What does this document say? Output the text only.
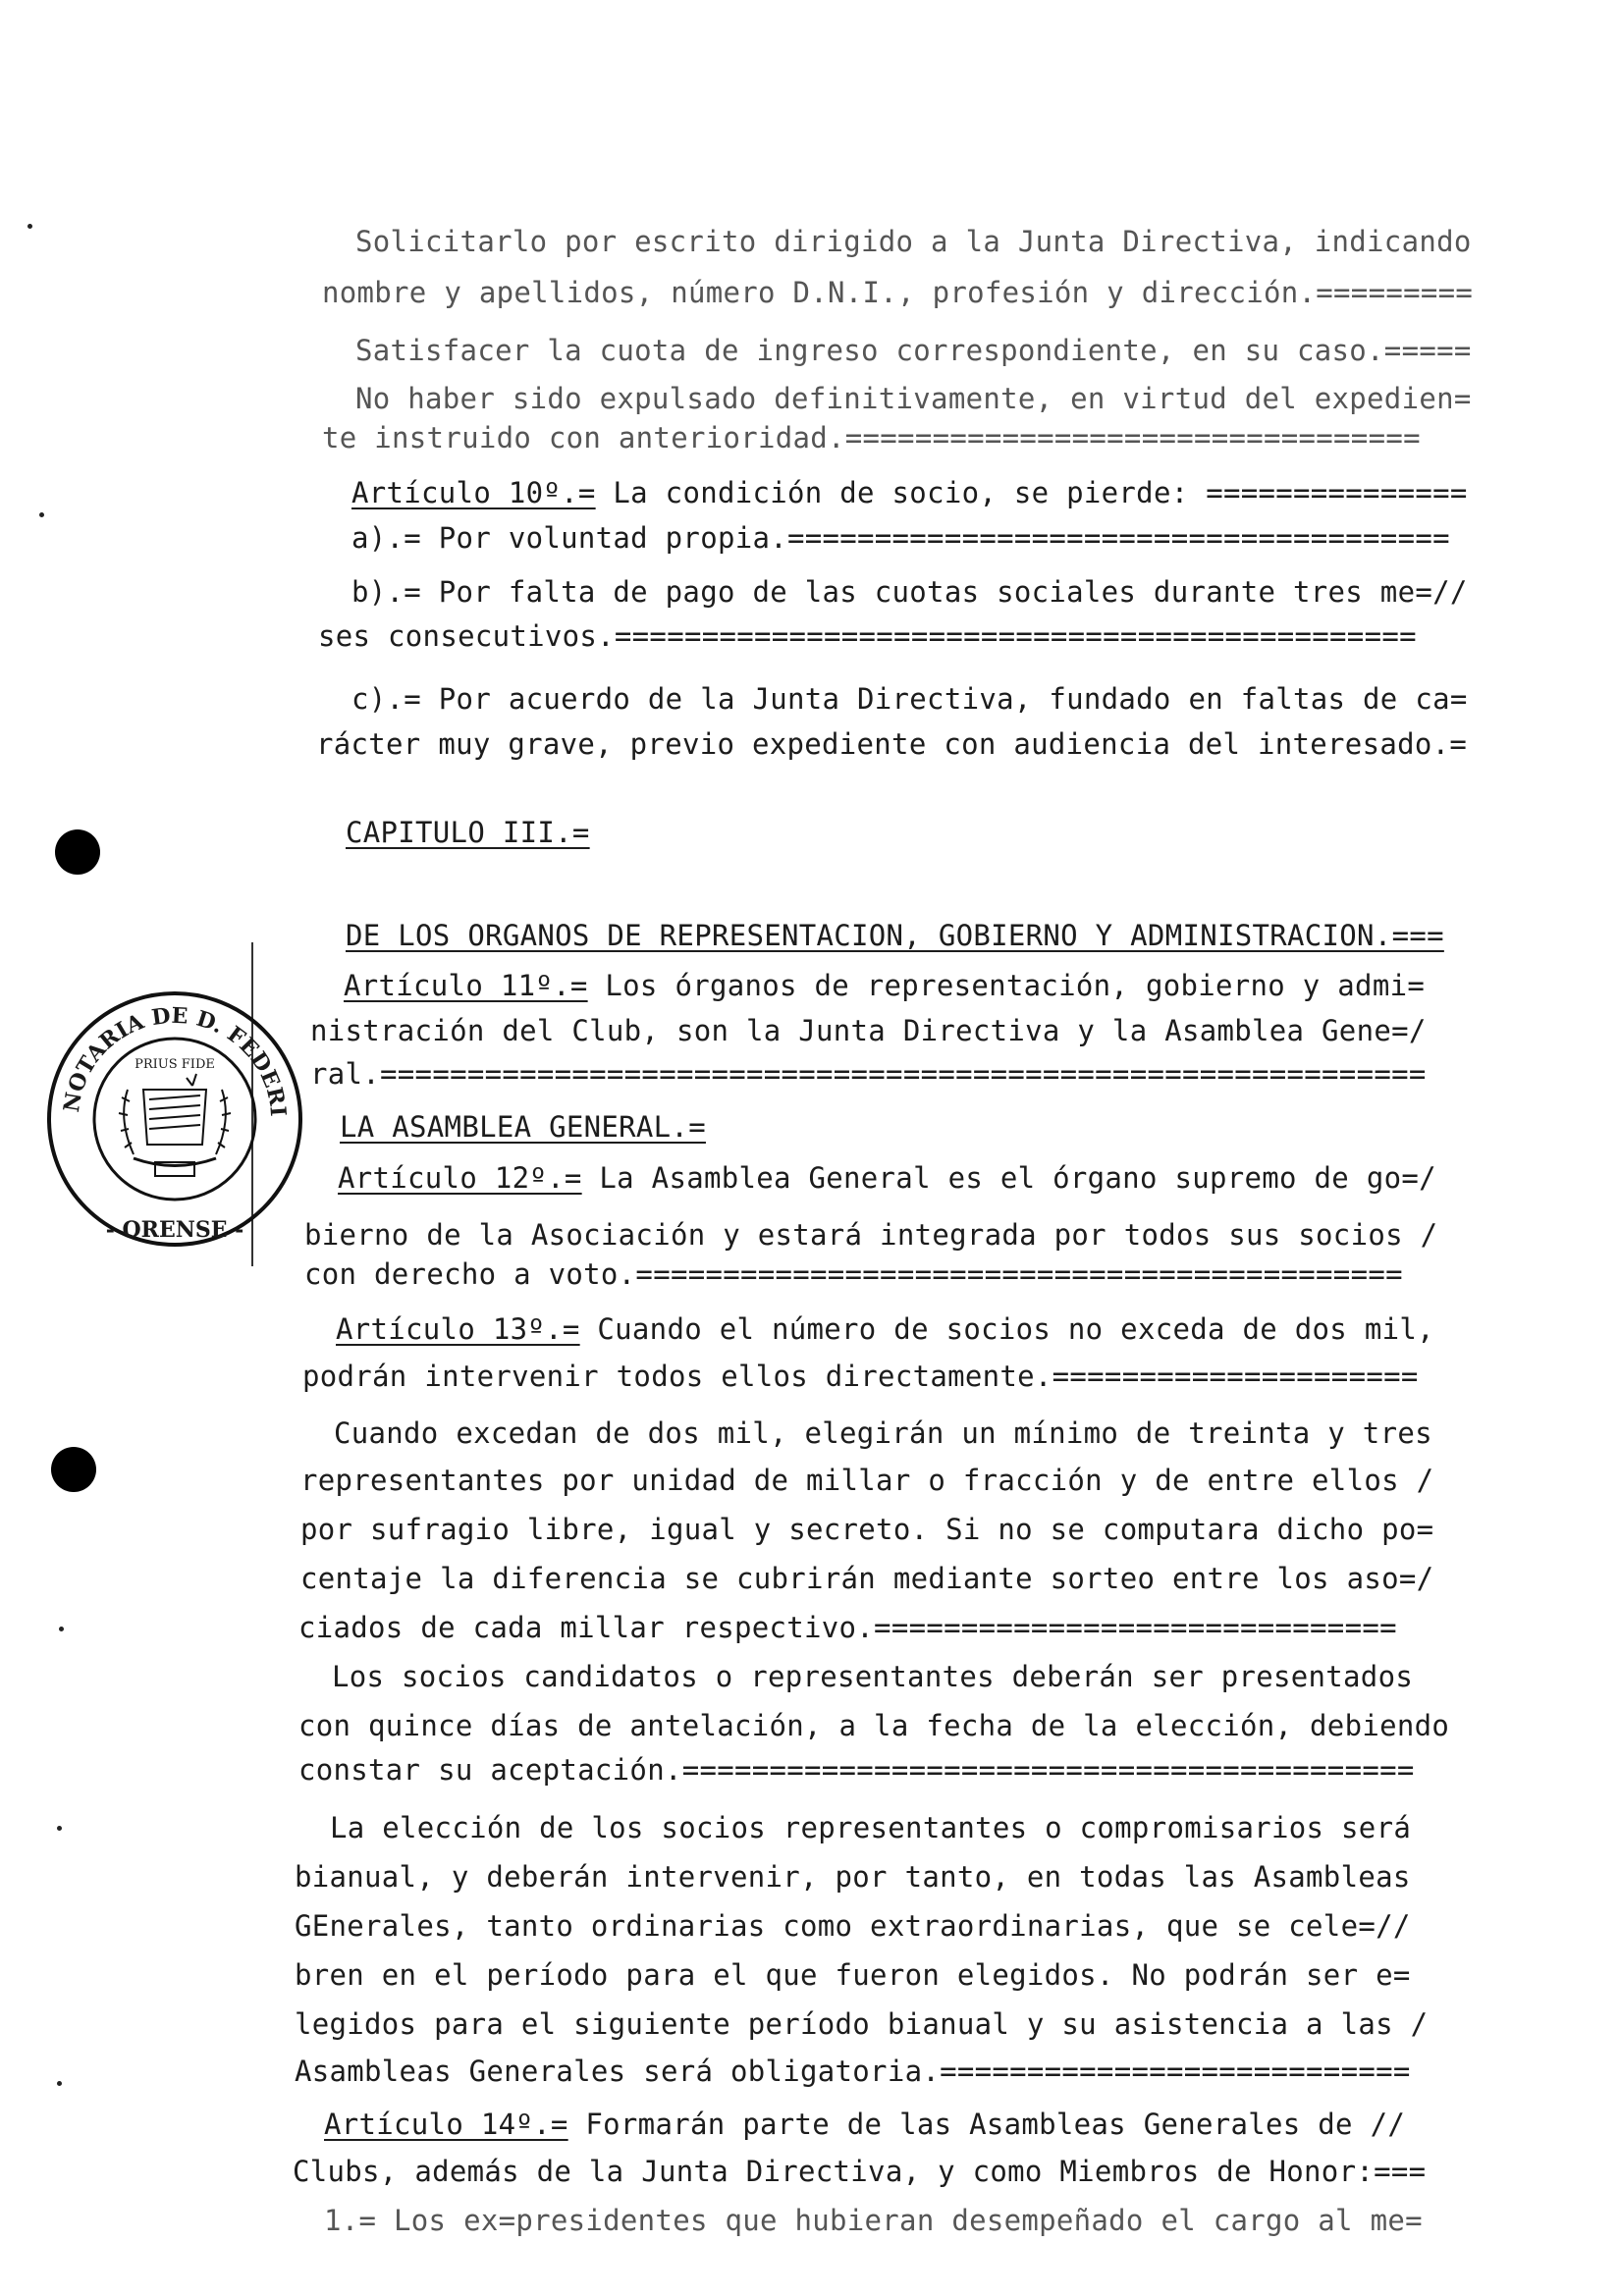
NOTARIA DE D. FEDERI
- ORENSE -
PRIUS FIDE
Solicitarlo por escrito dirigido a la Junta Directiva, indicando
nombre y apellidos, número D.N.I., profesión y dirección.=========
Satisfacer la cuota de ingreso correspondiente, en su caso.=====
No haber sido expulsado definitivamente, en virtud del expedien=
te instruido con anterioridad.=================================
Artículo 10º.= La condición de socio, se pierde: ===============
a).= Por voluntad propia.======================================
b).= Por falta de pago de las cuotas sociales durante tres me=//
ses consecutivos.==============================================
c).= Por acuerdo de la Junta Directiva, fundado en faltas de ca=
rácter muy grave, previo expediente con audiencia del interesado.=
CAPITULO III.=
DE LOS ORGANOS DE REPRESENTACION, GOBIERNO Y ADMINISTRACION.===
Artículo 11º.= Los órganos de representación, gobierno y admi=
nistración del Club, son la Junta Directiva y la Asamblea Gene=/
ral.============================================================
LA ASAMBLEA GENERAL.=
Artículo 12º.= La Asamblea General es el órgano supremo de go=/
bierno de la Asociación y estará integrada por todos sus socios /
con derecho a voto.============================================
Artículo 13º.= Cuando el número de socios no exceda de dos mil,
podrán intervenir todos ellos directamente.=====================
Cuando excedan de dos mil, elegirán un mínimo de treinta y tres
representantes por unidad de millar o fracción y de entre ellos /
por sufragio libre, igual y secreto. Si no se computara dicho po=
centaje la diferencia se cubrirán mediante sorteo entre los aso=/
ciados de cada millar respectivo.==============================
Los socios candidatos o representantes deberán ser presentados
con quince días de antelación, a la fecha de la elección, debiendo
constar su aceptación.==========================================
La elección de los socios representantes o compromisarios será
bianual, y deberán intervenir, por tanto, en todas las Asambleas
GEnerales, tanto ordinarias como extraordinarias, que se cele=//
bren en el período para el que fueron elegidos. No podrán ser e=
legidos para el siguiente período bianual y su asistencia a las /
Asambleas Generales será obligatoria.===========================
Artículo 14º.= Formarán parte de las Asambleas Generales de //
Clubs, además de la Junta Directiva, y como Miembros de Honor:===
1.= Los ex=presidentes que hubieran desempeñado el cargo al me=
